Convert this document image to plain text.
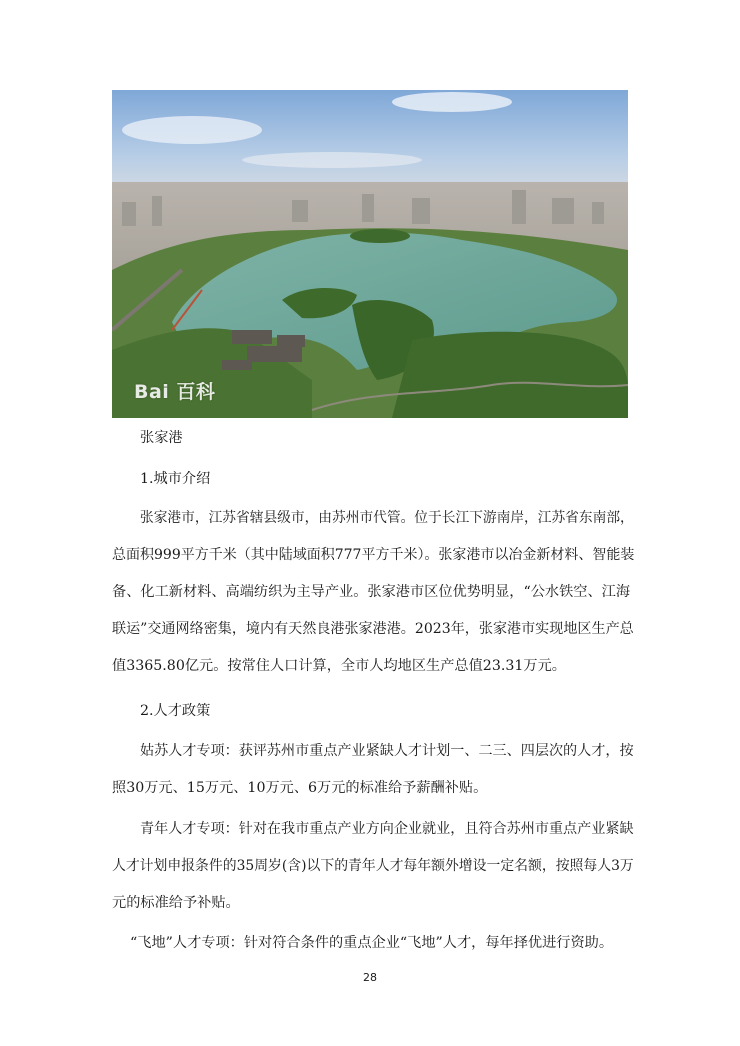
Bai 百科
张家港
1.城市介绍
张家港市，江苏省辖县级市，由苏州市代管。位于长江下游南岸，江苏省东南部，
总面积999平方千米（其中陆域面积777平方千米）。张家港市以冶金新材料、智能装
备、化工新材料、高端纺织为主导产业。张家港市区位优势明显，“公水铁空、江海
联运”交通网络密集，境内有天然良港张家港港。2023年，张家港市实现地区生产总
值3365.80亿元。按常住人口计算，全市人均地区生产总值23.31万元。
2.人才政策
姑苏人才专项：获评苏州市重点产业紧缺人才计划一、二三、四层次的人才，按
照30万元、15万元、10万元、6万元的标准给予薪酬补贴。
青年人才专项：针对在我市重点产业方向企业就业，且符合苏州市重点产业紧缺
人才计划申报条件的35周岁(含)以下的青年人才每年额外增设一定名额，按照每人3万
元的标准给予补贴。
“飞地”人才专项：针对符合条件的重点企业“飞地”人才，每年择优进行资助。
28
